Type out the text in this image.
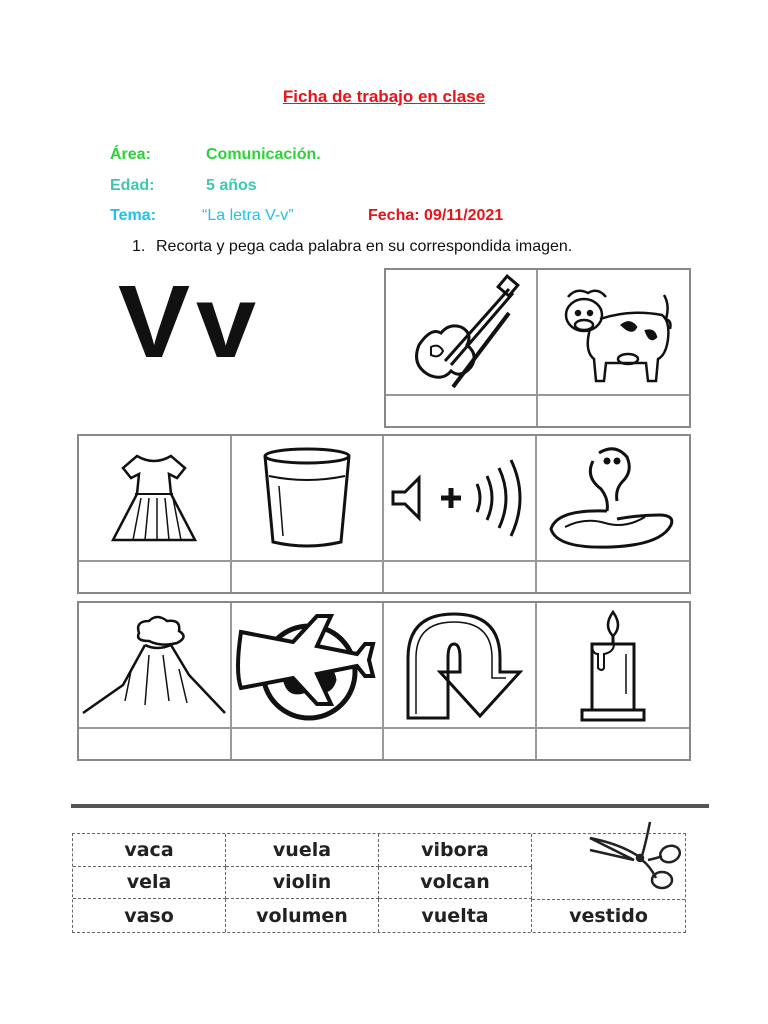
Ficha de trabajo en clase
Área:	Comunicación.
Edad:	5 años
Tema:	“La letra V-v”	Fecha: 09/11/2021
1. Recorta y pega cada palabra en su correspondida imagen.
Vv
vaca	vuela	vibora
vela	violin	volcan
vaso	volumen	vuelta	vestido
